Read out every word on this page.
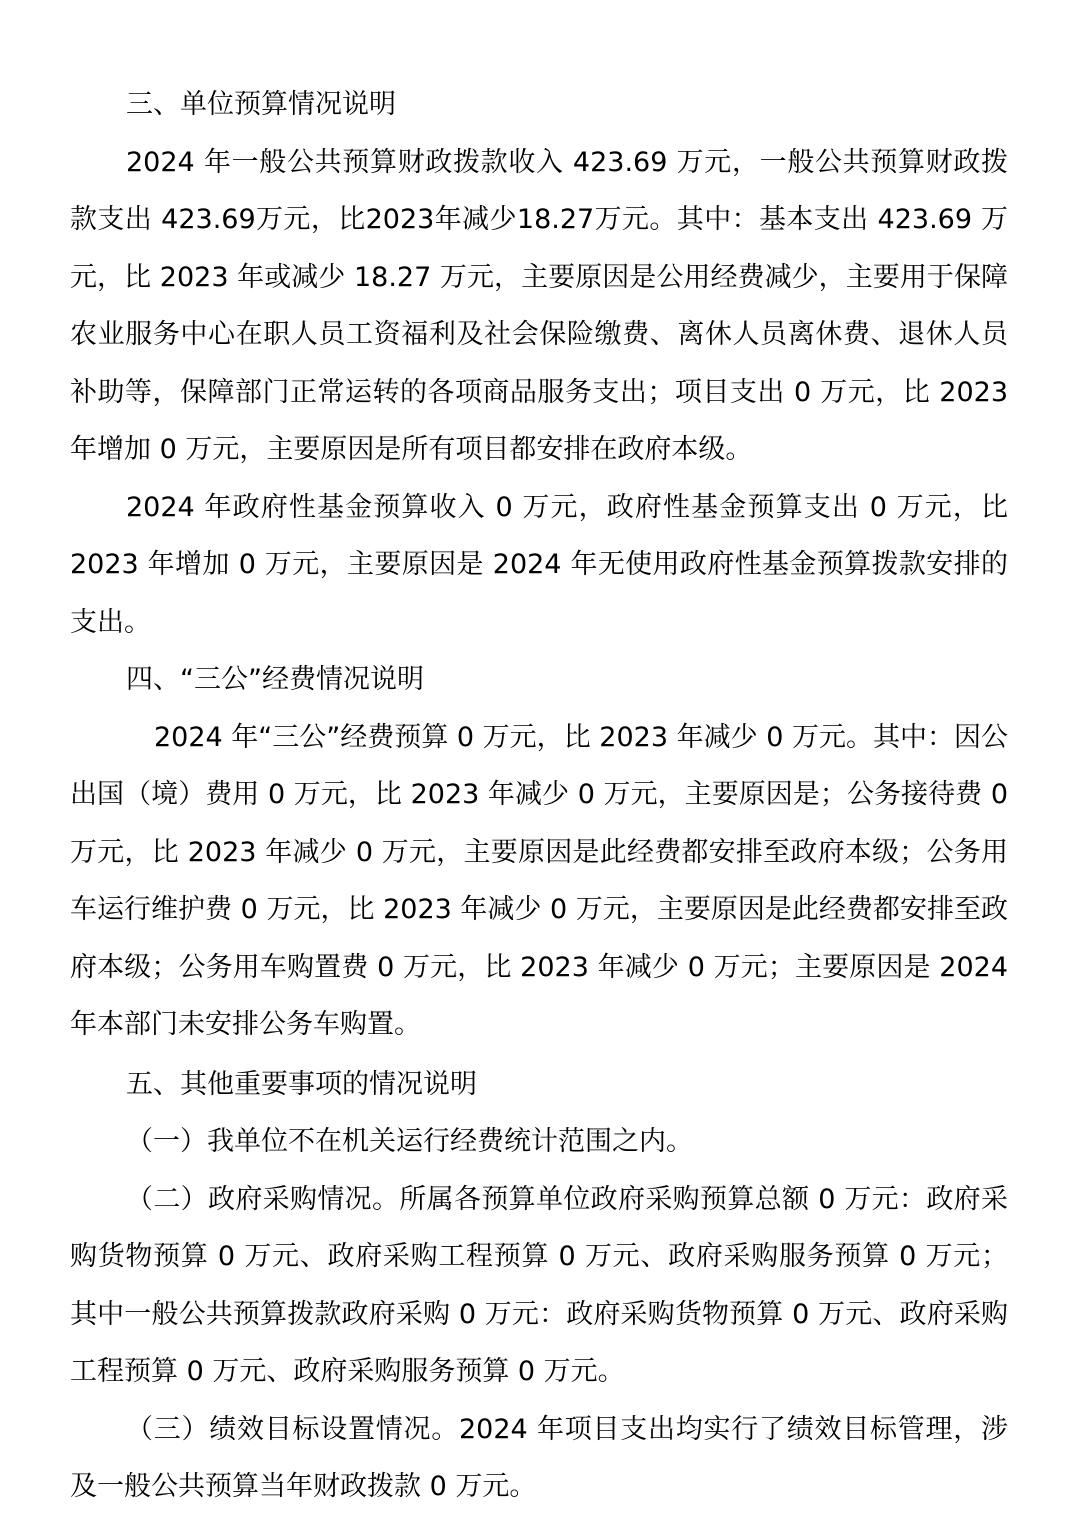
三、单位预算情况说明

2024 年一般公共预算财政拨款收入 423.69 万元，一般公共预算财政拨款支出 423.69万元，比2023年减少18.27万元。其中：基本支出 423.69 万元，比 2023 年或减少 18.27 万元，主要原因是公用经费减少，主要用于保障农业服务中心在职人员工资福利及社会保险缴费、离休人员离休费、退休人员补助等，保障部门正常运转的各项商品服务支出；项目支出 0 万元，比 2023 年增加 0 万元，主要原因是所有项目都安排在政府本级。

2024 年政府性基金预算收入 0 万元，政府性基金预算支出 0 万元，比 2023 年增加 0 万元，主要原因是 2024 年无使用政府性基金预算拨款安排的支出。

四、“三公”经费情况说明

2024 年“三公”经费预算 0 万元，比 2023 年减少 0 万元。其中：因公出国（境）费用 0 万元，比 2023 年减少 0 万元，主要原因是；公务接待费 0 万元，比 2023 年减少 0 万元，主要原因是此经费都安排至政府本级；公务用车运行维护费 0 万元，比 2023 年减少 0 万元，主要原因是此经费都安排至政府本级；公务用车购置费 0 万元，比 2023 年减少 0 万元；主要原因是 2024 年本部门未安排公务车购置。

五、其他重要事项的情况说明

（一）我单位不在机关运行经费统计范围之内。

（二）政府采购情况。所属各预算单位政府采购预算总额 0 万元：政府采购货物预算 0 万元、政府采购工程预算 0 万元、政府采购服务预算 0 万元；其中一般公共预算拨款政府采购 0 万元：政府采购货物预算 0 万元、政府采购工程预算 0 万元、政府采购服务预算 0 万元。

（三）绩效目标设置情况。2024 年项目支出均实行了绩效目标管理，涉及一般公共预算当年财政拨款 0 万元。
